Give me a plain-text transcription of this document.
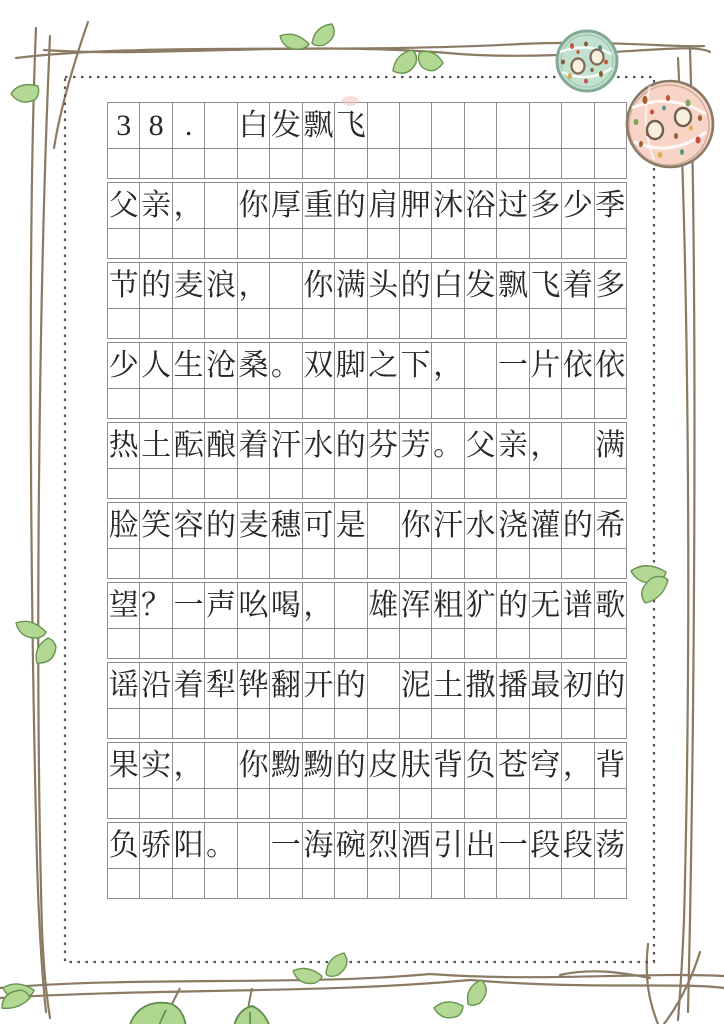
3 8 .	白 发 飘 飞
父 亲 ， 你 厚 重 的 肩 胛 沐 浴 过 多 少 季
节 的 麦 浪 ， 你 满 头 的 白 发 飘 飞 着 多
少 人 生 沧 桑 。 双 脚 之 下 ， 一 片 依 依
热 土 酝 酿 着 汗 水 的 芬 芳 。 父 亲 ， 满
脸 笑 容 的 麦 穗 可 是 你 汗 水 浇 灌 的 希
望 ？ 一 声 吆 喝 ， 雄 浑 粗 犷 的 无 谱 歌
谣 沿 着 犁 铧 翻 开 的 泥 土 撒 播 最 初 的
果 实 ， 你 黝 黝 的 皮 肤 背 负 苍 穹 ， 背
负 骄 阳 。 一 海 碗 烈 酒 引 出 一 段 段 荡
